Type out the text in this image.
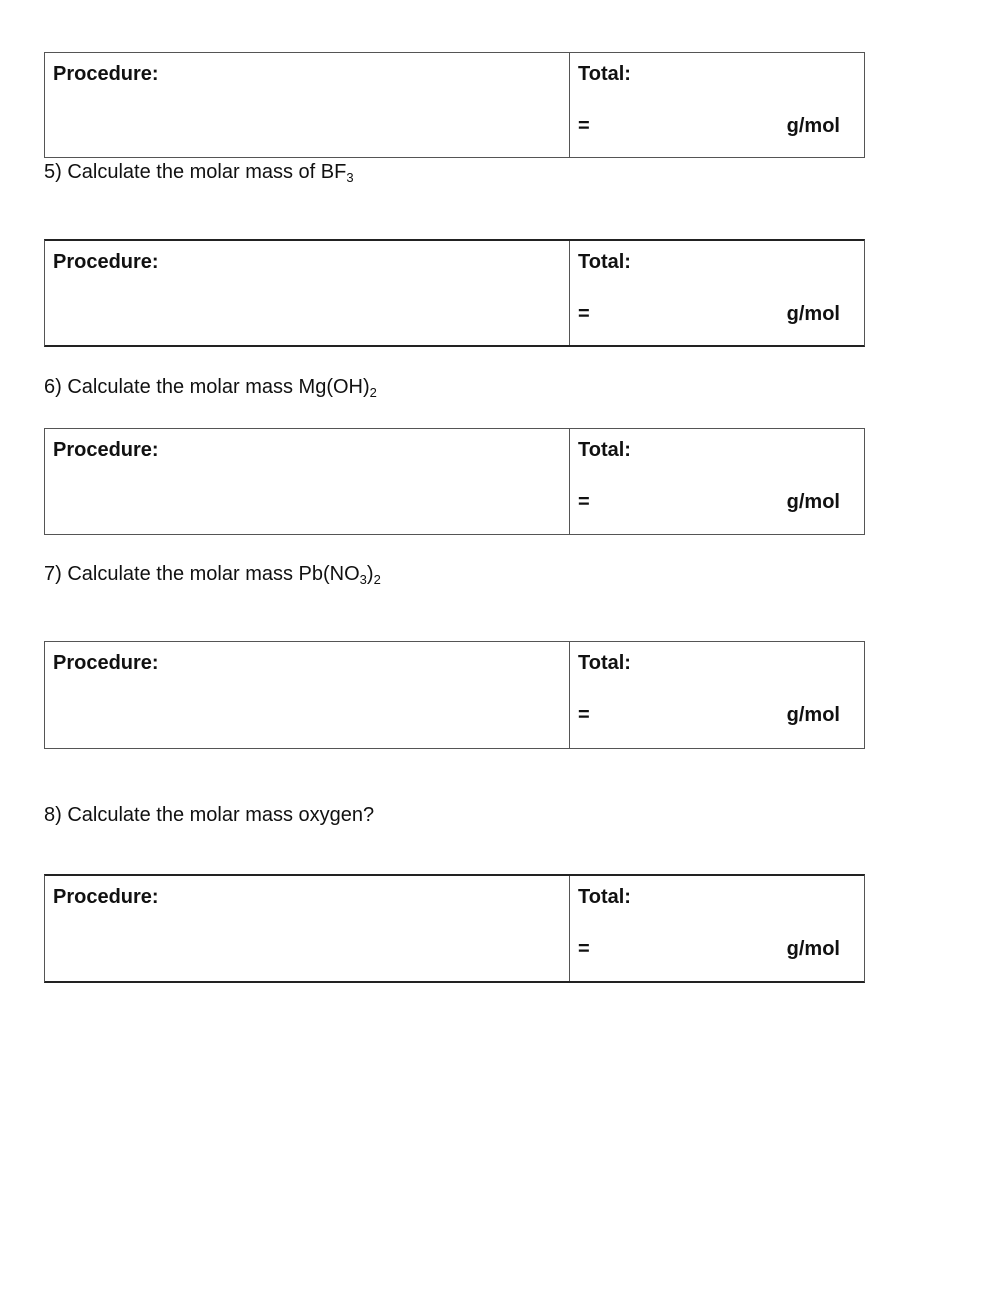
Procedure:	Total:
=	g/mol
5) Calculate the molar mass of $BF_3$
Procedure:	Total:
=	g/mol
6) Calculate the molar mass $Mg(OH)_2$
Procedure:	Total:
=	g/mol
7) Calculate the molar mass $Pb(NO_3)_2$
Procedure:	Total:
=	g/mol
8) Calculate the molar mass oxygen?
Procedure:	Total:
=	g/mol
